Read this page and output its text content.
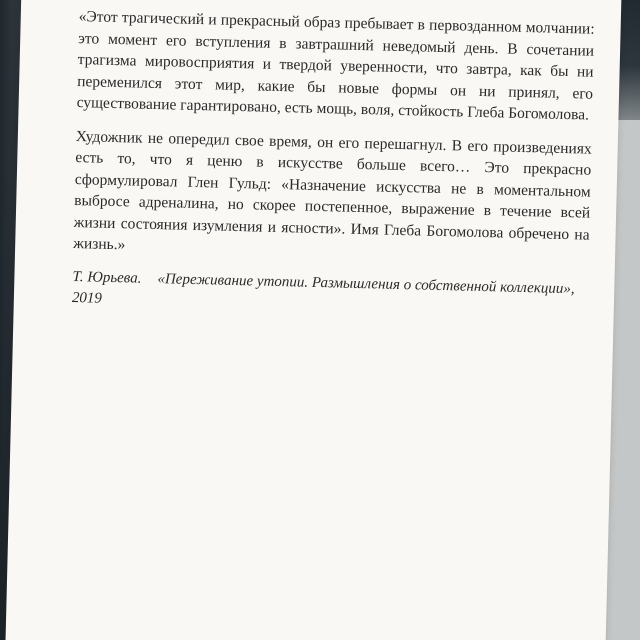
«Этот трагический и прекрасный образ пребывает в первозданном молчании: это момент его вступления в завтрашний неведомый день. В сочетании трагизма мировосприятия и твердой уверенности, что завтра, как бы ни переменился этот мир, какие бы новые формы он ни принял, его существование гарантировано, есть мощь, воля, стойкость Глеба Богомолова.

Художник не опередил свое время, он его перешагнул. В его произведениях есть то, что я ценю в искусстве больше всего… Это прекрасно сформулировал Глен Гульд: «Назначение искусства не в моментальном выбросе адреналина, но скорее постепенное, выражение в течение всей жизни состояния изумления и ясности». Имя Глеба Богомолова обречено на жизнь.»

Т. Юрьева. «Переживание утопии. Размышления о собственной коллекции», 2019
